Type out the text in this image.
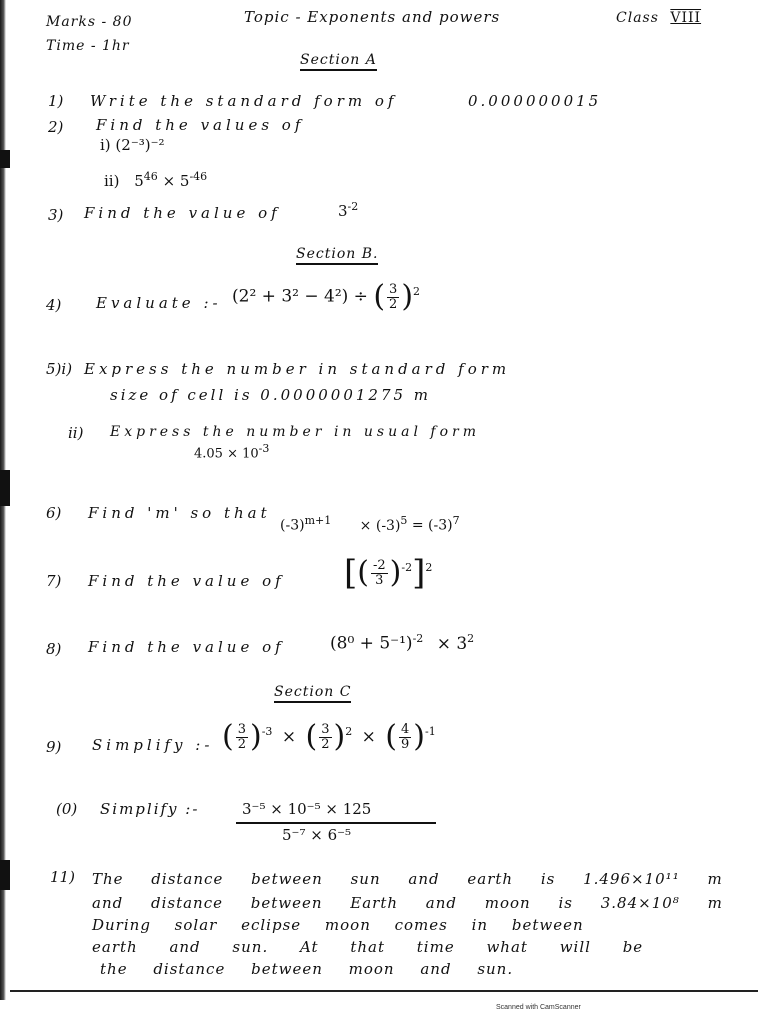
Marks - 80
Time - 1hr
Topic - Exponents and powers	Class VIII
Section A
1) Write the standard form of	0.000000015
2) Find the values of
i) (2⁻³)⁻²
ii) $5^{46} \times 5^{-46}$
3) Find the value of	$3^{-2}$
Section B.
4) Evaluate :- (2² + 3² − 4²) ÷ ( $\frac{3}{2} )^2$
5)i) Express the number in standard form
size of cell is 0.0000001275 m
ii) Express the number in usual form
$4.05 \times 10^{-3}$
6) Find 'm' so that
$(-3)^{m+1} \times (-3)^5 = (-3)^7$
7) Find the value of [( $\frac{-2}{3} )^{-2}]^2$
8) Find the value of	$(8^0 + 5^{-1})^{-2} \times 3^2$
Section C
9) Simplify :- ( $\frac{3}{2} )^{-3}$ × ( $\frac{3}{2} )^2$ × ( $\frac{4}{9} )^{-1}$
(0) Simplify :-	3⁻⁵ × 10⁻⁵ × 125
5⁻⁷ × 6⁻⁵
11) The distance between sun and earth is 1.496×10¹¹ m
and distance between Earth and moon is 3.84×10⁸ m
During solar eclipse moon comes in between
earth and sun. At that time what will be
the distance between moon and sun.
Scanned with CamScanner
